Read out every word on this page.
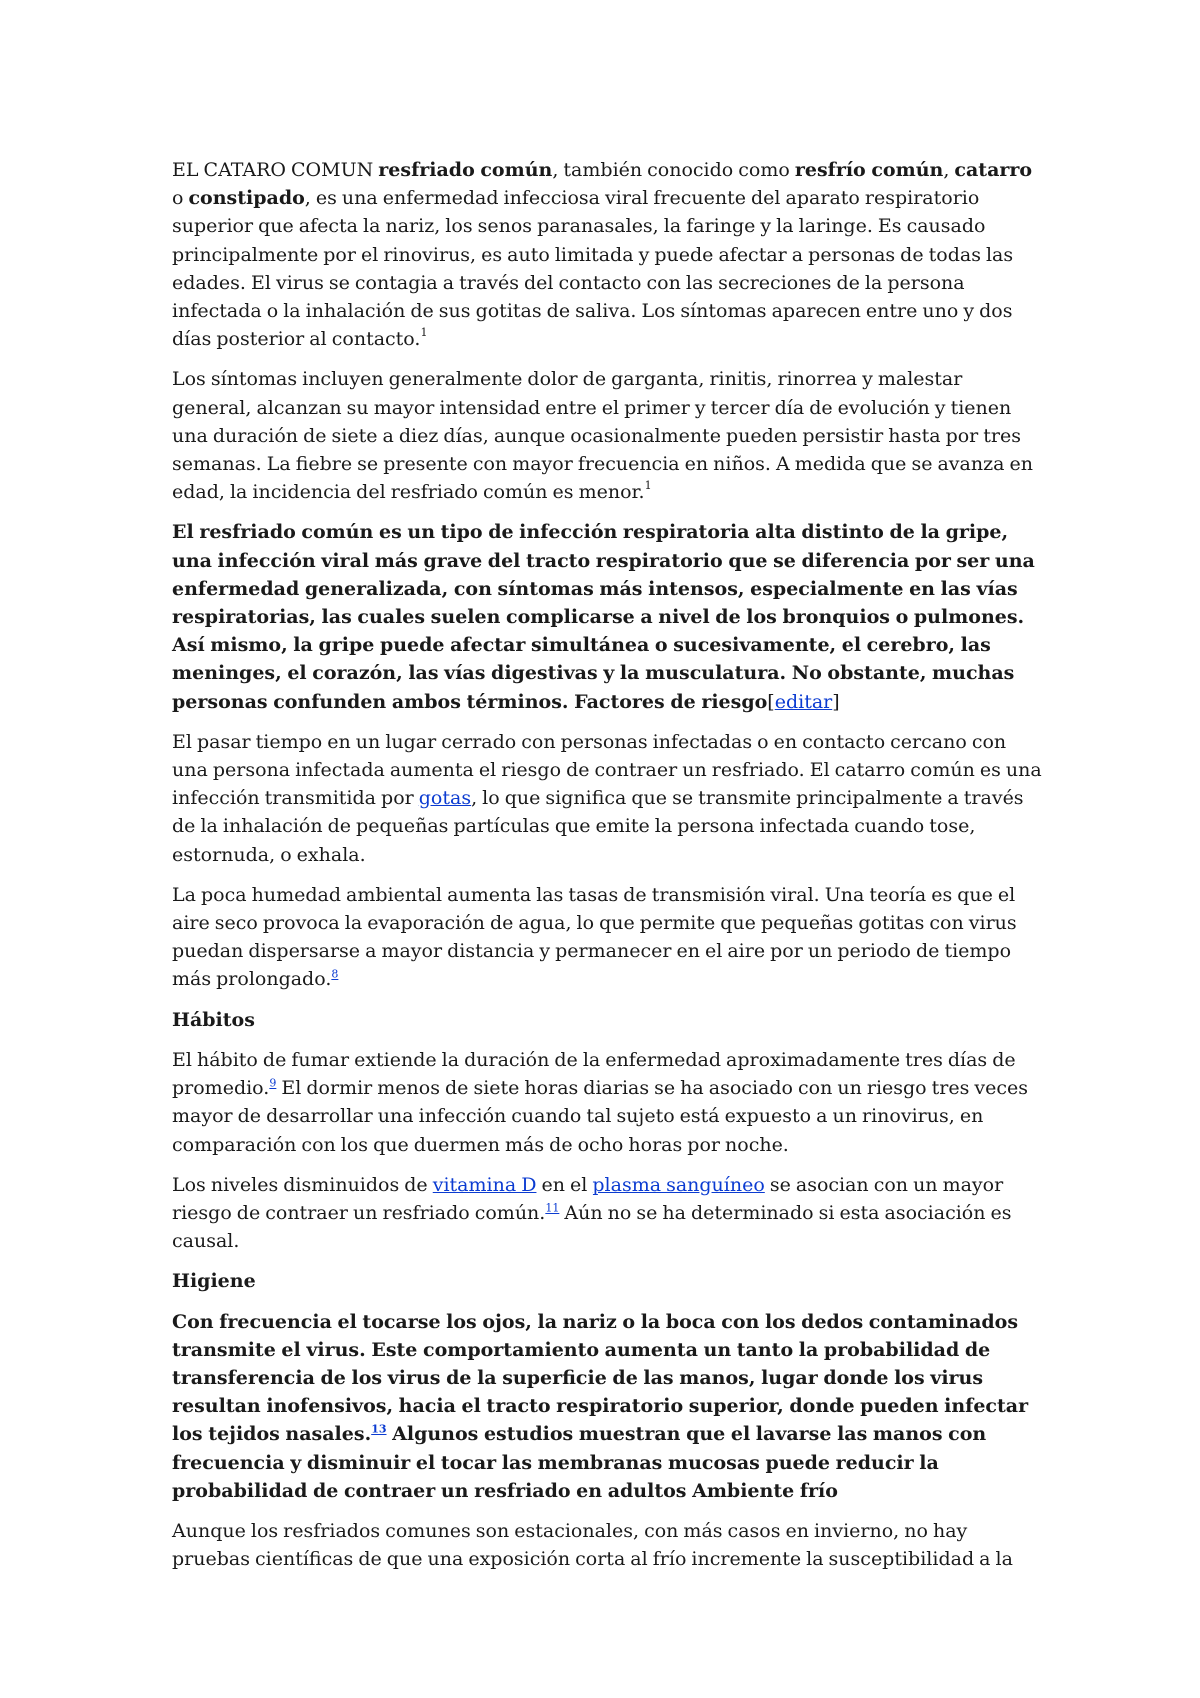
EL CATARO COMUN resfriado común, también conocido como resfrío común, catarro o constipado, es una enfermedad infecciosa viral frecuente del aparato respiratorio superior que afecta la nariz, los senos paranasales, la faringe y la laringe. Es causado principalmente por el rinovirus, es auto limitada y puede afectar a personas de todas las edades. El virus se contagia a través del contacto con las secreciones de la persona infectada o la inhalación de sus gotitas de saliva. Los síntomas aparecen entre uno y dos días posterior al contacto.$^1$

Los síntomas incluyen generalmente dolor de garganta, rinitis, rinorrea y malestar general, alcanzan su mayor intensidad entre el primer y tercer día de evolución y tienen una duración de siete a diez días, aunque ocasionalmente pueden persistir hasta por tres semanas. La fiebre se presente con mayor frecuencia en niños. A medida que se avanza en edad, la incidencia del resfriado común es menor.$^1$

El resfriado común es un tipo de infección respiratoria alta distinto de la gripe, una infección viral más grave del tracto respiratorio que se diferencia por ser una enfermedad generalizada, con síntomas más intensos, especialmente en las vías respiratorias, las cuales suelen complicarse a nivel de los bronquios o pulmones. Así mismo, la gripe puede afectar simultánea o sucesivamente, el cerebro, las meninges, el corazón, las vías digestivas y la musculatura. No obstante, muchas personas confunden ambos términos. Factores de riesgo[editar]

El pasar tiempo en un lugar cerrado con personas infectadas o en contacto cercano con una persona infectada aumenta el riesgo de contraer un resfriado. El catarro común es una infección transmitida por gotas, lo que significa que se transmite principalmente a través de la inhalación de pequeñas partículas que emite la persona infectada cuando tose, estornuda, o exhala.

La poca humedad ambiental aumenta las tasas de transmisión viral. Una teoría es que el aire seco provoca la evaporación de agua, lo que permite que pequeñas gotitas con virus puedan dispersarse a mayor distancia y permanecer en el aire por un periodo de tiempo más prolongado.$^8$

Hábitos

El hábito de fumar extiende la duración de la enfermedad aproximadamente tres días de promedio.$^9$ El dormir menos de siete horas diarias se ha asociado con un riesgo tres veces mayor de desarrollar una infección cuando tal sujeto está expuesto a un rinovirus, en comparación con los que duermen más de ocho horas por noche.

Los niveles disminuidos de vitamina D en el plasma sanguíneo se asocian con un mayor riesgo de contraer un resfriado común.$^{11}$ Aún no se ha determinado si esta asociación es causal.

Higiene

Con frecuencia el tocarse los ojos, la nariz o la boca con los dedos contaminados transmite el virus. Este comportamiento aumenta un tanto la probabilidad de transferencia de los virus de la superficie de las manos, lugar donde los virus resultan inofensivos, hacia el tracto respiratorio superior, donde pueden infectar los tejidos nasales.$^{13}$ Algunos estudios muestran que el lavarse las manos con frecuencia y disminuir el tocar las membranas mucosas puede reducir la probabilidad de contraer un resfriado en adultos Ambiente frío

Aunque los resfriados comunes son estacionales, con más casos en invierno, no hay pruebas científicas de que una exposición corta al frío incremente la susceptibilidad a la
